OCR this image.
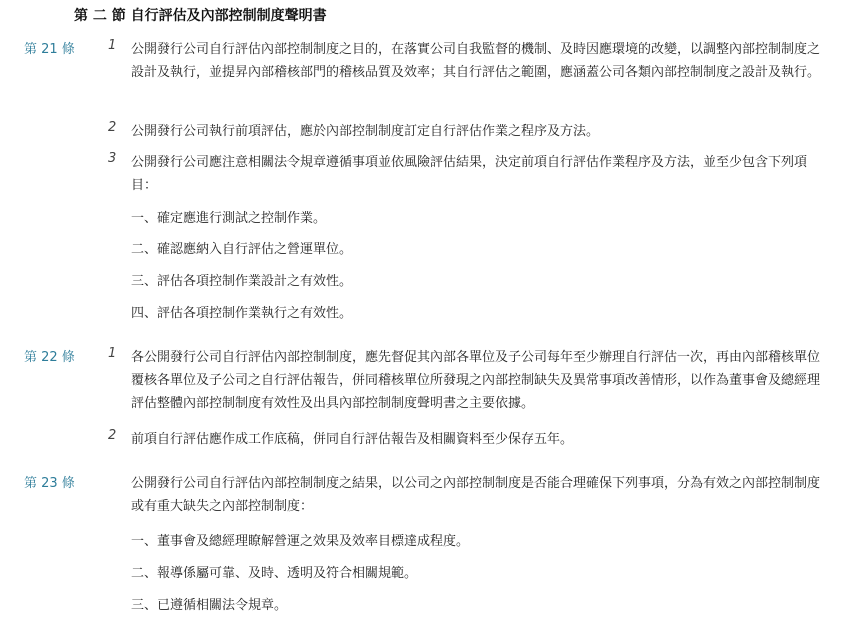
第 二 節 自行評估及內部控制制度聲明書
第 21 條	1	公開發行公司自行評估內部控制制度之目的，在落實公司自我監督的機制、及時因應環境的改變，以調整內部控制制度之設計及執行，並提昇內部稽核部門的稽核品質及效率；其自行評估之範圍，應涵蓋公司各類內部控制制度之設計及執行。
2	公開發行公司執行前項評估，應於內部控制制度訂定自行評估作業之程序及方法。
3	公開發行公司應注意相關法令規章遵循事項並依風險評估結果，決定前項自行評估作業程序及方法，並至少包含下列項目：
一、確定應進行測試之控制作業。
二、確認應納入自行評估之營運單位。
三、評估各項控制作業設計之有效性。
四、評估各項控制作業執行之有效性。
第 22 條	1	各公開發行公司自行評估內部控制制度，應先督促其內部各單位及子公司每年至少辦理自行評估一次，再由內部稽核單位覆核各單位及子公司之自行評估報告，併同稽核單位所發現之內部控制缺失及異常事項改善情形，以作為董事會及總經理評估整體內部控制制度有效性及出具內部控制制度聲明書之主要依據。
2	前項自行評估應作成工作底稿，併同自行評估報告及相關資料至少保存五年。
第 23 條	公開發行公司自行評估內部控制制度之結果，以公司之內部控制制度是否能合理確保下列事項，分為有效之內部控制制度或有重大缺失之內部控制制度：
一、董事會及總經理瞭解營運之效果及效率目標達成程度。
二、報導係屬可靠、及時、透明及符合相關規範。
三、已遵循相關法令規章。
